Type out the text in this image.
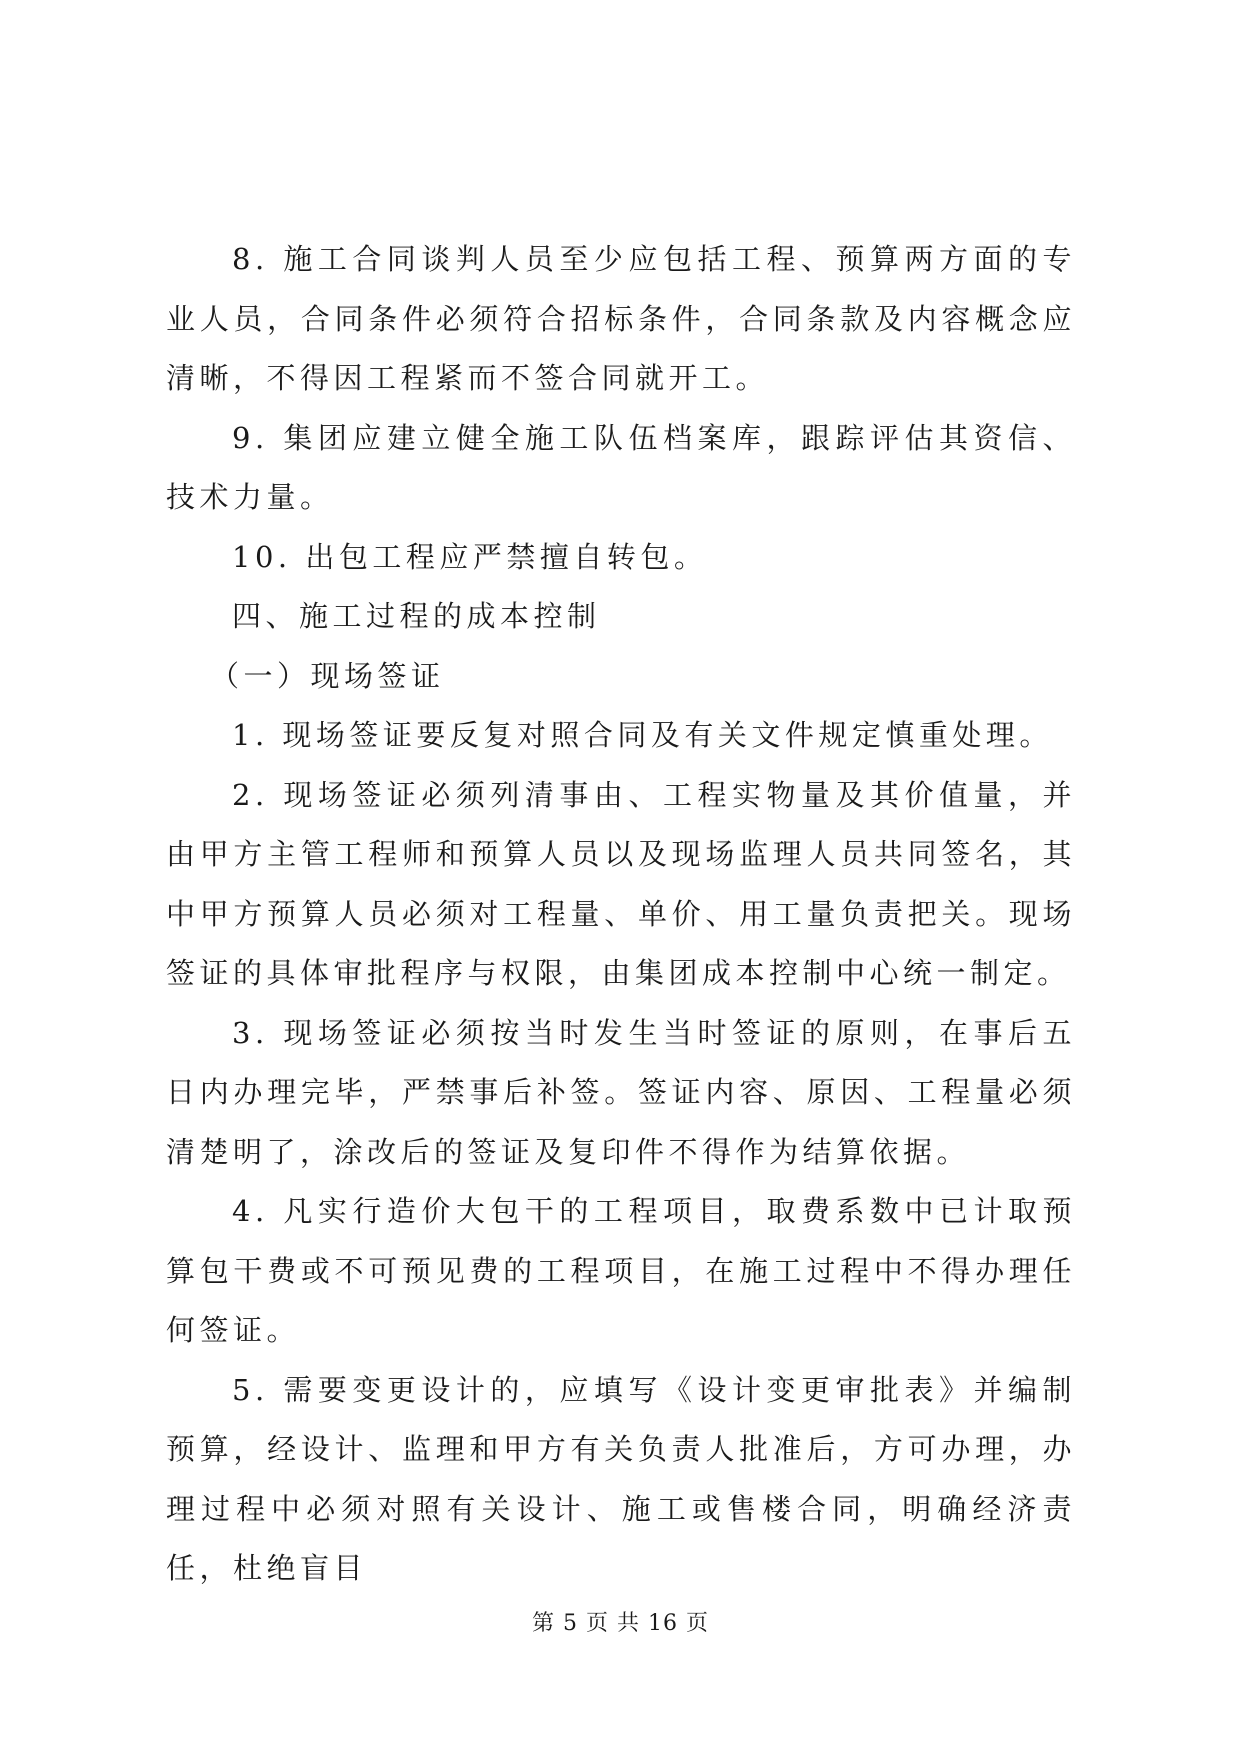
8. 施工合同谈判人员至少应包括工程、预算两方面的专业人员，合同条件必须符合招标条件，合同条款及内容概念应清晰，不得因工程紧而不签合同就开工。

9. 集团应建立健全施工队伍档案库，跟踪评估其资信、技术力量。

10. 出包工程应严禁擅自转包。

四、施工过程的成本控制

（一）现场签证

1. 现场签证要反复对照合同及有关文件规定慎重处理。

2. 现场签证必须列清事由、工程实物量及其价值量，并由甲方主管工程师和预算人员以及现场监理人员共同签名，其中甲方预算人员必须对工程量、单价、用工量负责把关。现场签证的具体审批程序与权限，由集团成本控制中心统一制定。

3. 现场签证必须按当时发生当时签证的原则，在事后五日内办理完毕，严禁事后补签。签证内容、原因、工程量必须清楚明了，涂改后的签证及复印件不得作为结算依据。

4. 凡实行造价大包干的工程项目，取费系数中已计取预算包干费或不可预见费的工程项目，在施工过程中不得办理任何签证。

5. 需要变更设计的，应填写《设计变更审批表》并编制预算，经设计、监理和甲方有关负责人批准后，方可办理，办理过程中必须对照有关设计、施工或售楼合同，明确经济责任，杜绝盲目

第 5 页 共 16 页
